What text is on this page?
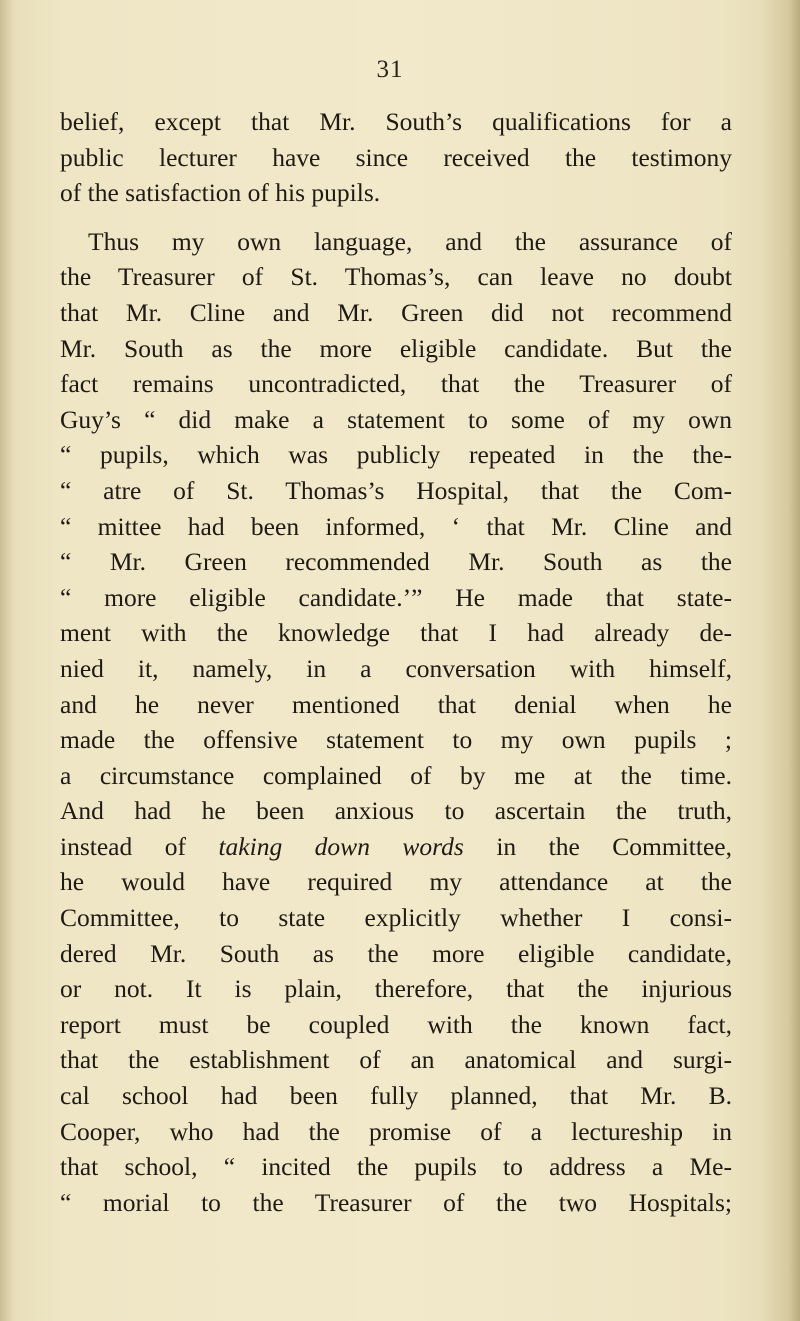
31
belief, except that Mr. South’s qualifications for a
public lecturer have since received the testimony
of the satisfaction of his pupils.
Thus my own language, and the assurance of
the Treasurer of St. Thomas’s, can leave no doubt
that Mr. Cline and Mr. Green did not recommend
Mr. South as the more eligible candidate. But the
fact remains uncontradicted, that the Treasurer of
Guy’s “ did make a statement to some of my own
“ pupils, which was publicly repeated in the the-
“ atre of St. Thomas’s Hospital, that the Com-
“ mittee had been informed, ‘ that Mr. Cline and
“ Mr. Green recommended Mr. South as the
“ more eligible candidate.’” He made that state-
ment with the knowledge that I had already de-
nied it, namely, in a conversation with himself,
and he never mentioned that denial when he
made the offensive statement to my own pupils ;
a circumstance complained of by me at the time.
And had he been anxious to ascertain the truth,
instead of taking down words in the Committee,
he would have required my attendance at the
Committee, to state explicitly whether I consi-
dered Mr. South as the more eligible candidate,
or not. It is plain, therefore, that the injurious
report must be coupled with the known fact,
that the establishment of an anatomical and surgi-
cal school had been fully planned, that Mr. B.
Cooper, who had the promise of a lectureship in
that school, “ incited the pupils to address a Me-
“ morial to the Treasurer of the two Hospitals;
